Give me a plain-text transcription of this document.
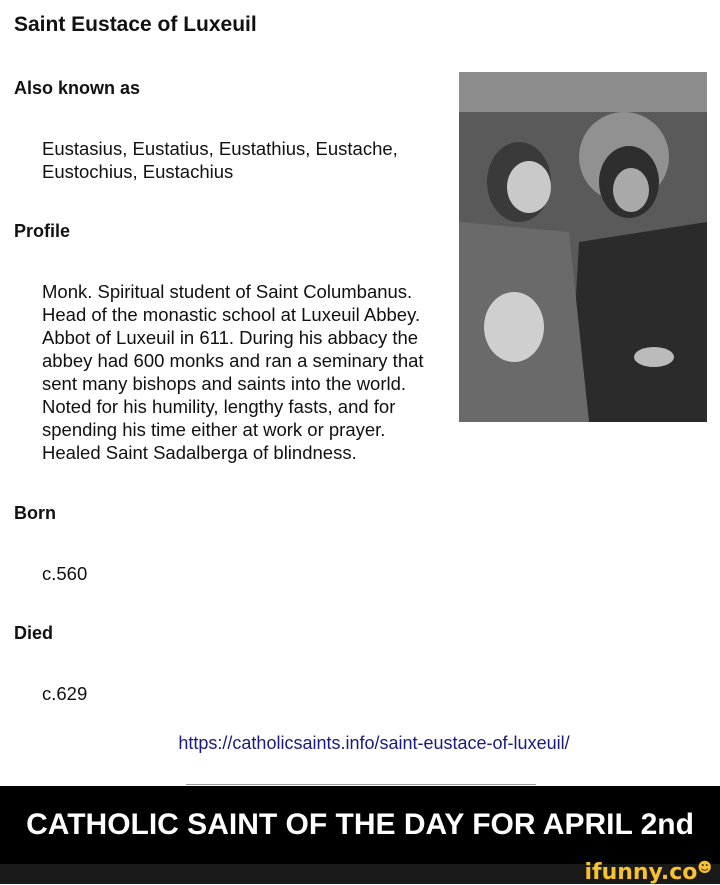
Saint Eustace of Luxeuil
Also known as
Eustasius, Eustatius, Eustathius, Eustache,
Eustochius, Eustachius
Profile
Monk. Spiritual student of Saint Columbanus.
Head of the monastic school at Luxeuil Abbey.
Abbot of Luxeuil in 611. During his abbacy the
abbey had 600 monks and ran a seminary that
sent many bishops and saints into the world.
Noted for his humility, lengthy fasts, and for
spending his time either at work or prayer.
Healed Saint Sadalberga of blindness.
Born
c.560
Died
c.629
https://catholicsaints.info/saint-eustace-of-luxeuil/
CATHOLIC SAINT OF THE DAY FOR APRIL 2nd
ifunny.co☻
